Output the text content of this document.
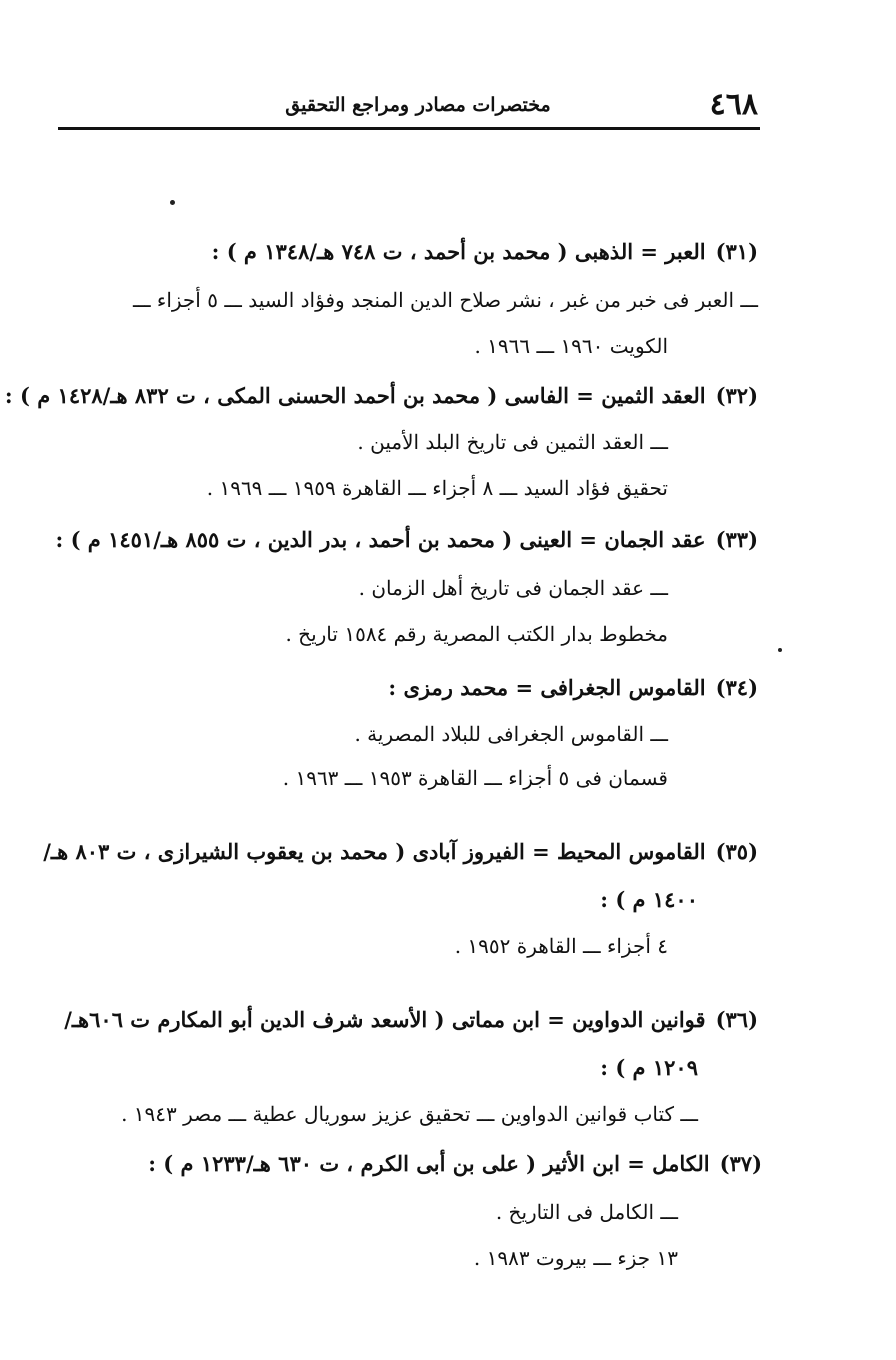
٤٦٨
مختصرات مصادر ومراجع التحقيق
(٣١)العبر = الذهبى ( محمد بن أحمد ، ت ٧٤٨ هـ/١٣٤٨ م ) :
ـــ العبر فى خبر من غبر ، نشر صلاح الدين المنجد وفؤاد السيد ـــ ٥ أجزاء ـــ
الكويت ١٩٦٠ ـــ ١٩٦٦ .
(٣٢)العقد الثمين = الفاسى ( محمد بن أحمد الحسنى المكى ، ت ٨٣٢ هـ/١٤٢٨ م ) :
ـــ العقد الثمين فى تاريخ البلد الأمين .
تحقيق فؤاد السيد ـــ ٨ أجزاء ـــ القاهرة ١٩٥٩ ـــ ١٩٦٩ .
(٣٣)عقد الجمان = العينى ( محمد بن أحمد ، بدر الدين ، ت ٨٥٥ هـ/١٤٥١ م ) :
ـــ عقد الجمان فى تاريخ أهل الزمان .
مخطوط بدار الكتب المصرية رقم ١٥٨٤ تاريخ .
(٣٤)القاموس الجغرافى = محمد رمزى :
ـــ القاموس الجغرافى للبلاد المصرية .
قسمان فى ٥ أجزاء ـــ القاهرة ١٩٥٣ ـــ ١٩٦٣ .
(٣٥)القاموس المحيط = الفيروز آبادى ( محمد بن يعقوب الشيرازى ، ت ٨٠٣ هـ/
١٤٠٠ م ) :
٤ أجزاء ـــ القاهرة ١٩٥٢ .
(٣٦)قوانين الدواوين = ابن مماتى ( الأسعد شرف الدين أبو المكارم ت ٦٠٦هـ/
١٢٠٩ م ) :
ـــ كتاب قوانين الدواوين ـــ تحقيق عزيز سوريال عطية ـــ مصر ١٩٤٣ .
(٣٧)الكامل = ابن الأثير ( على بن أبى الكرم ، ت ٦٣٠ هـ/١٢٣٣ م ) :
ـــ الكامل فى التاريخ .
١٣ جزء ـــ بيروت ١٩٨٣ .
